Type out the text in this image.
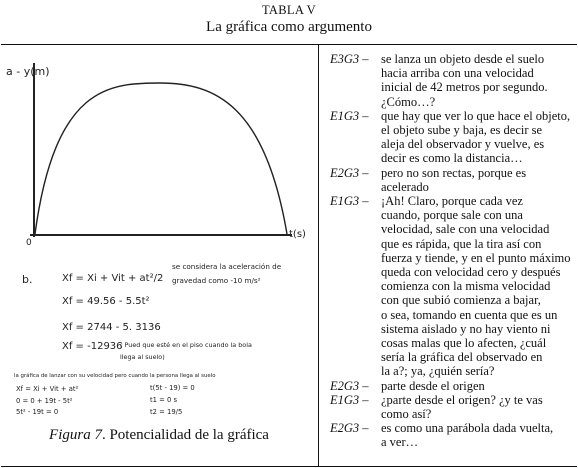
TABLA V
La gráfica como argumento
a - y(m)
0
t(s)
b.	Xf = Xi + Vit + at²/2
Xf = 49.56 - 5.5t²
Xf = 2744 - 5. 3136
Xf = -12936
se considera la aceleración de
gravedad como -10 m/s²
( Pued que esté en el piso cuando la bola
llega al suelo)
la gráfica de lanzar con su velocidad pero cuando la persona llega al suelo
Xf = Xi + Vit + at²
0 = 0 + 19t - 5t²
5t² - 19t = 0
t(5t - 19) = 0
t1 = 0 s
t2 = 19/5
Figura 7. Potencialidad de la gráfica
E3G3 – se lanza un objeto desde el suelo
hacia arriba con una velocidad
inicial de 42 metros por segundo.
¿Cómo…?
E1G3 – que hay que ver lo que hace el objeto,
el objeto sube y baja, es decir se
aleja del observador y vuelve, es
decir es como la distancia…
E2G3 – pero no son rectas, porque es
acelerado
E1G3 – ¡Ah! Claro, porque cada vez
cuando, porque sale con una
velocidad, sale con una velocidad
que es rápida, que la tira así con
fuerza y tiende, y en el punto máximo
queda con velocidad cero y después
comienza con la misma velocidad
con que subió comienza a bajar,
o sea, tomando en cuenta que es un
sistema aislado y no hay viento ni
cosas malas que lo afecten, ¿cuál
sería la gráfica del observado en
la a?; ya, ¿quién sería?
E2G3 – parte desde el origen
E1G3 – ¿parte desde el origen? ¿y te vas
como así?
E2G3 – es como una parábola dada vuelta,
a ver…
